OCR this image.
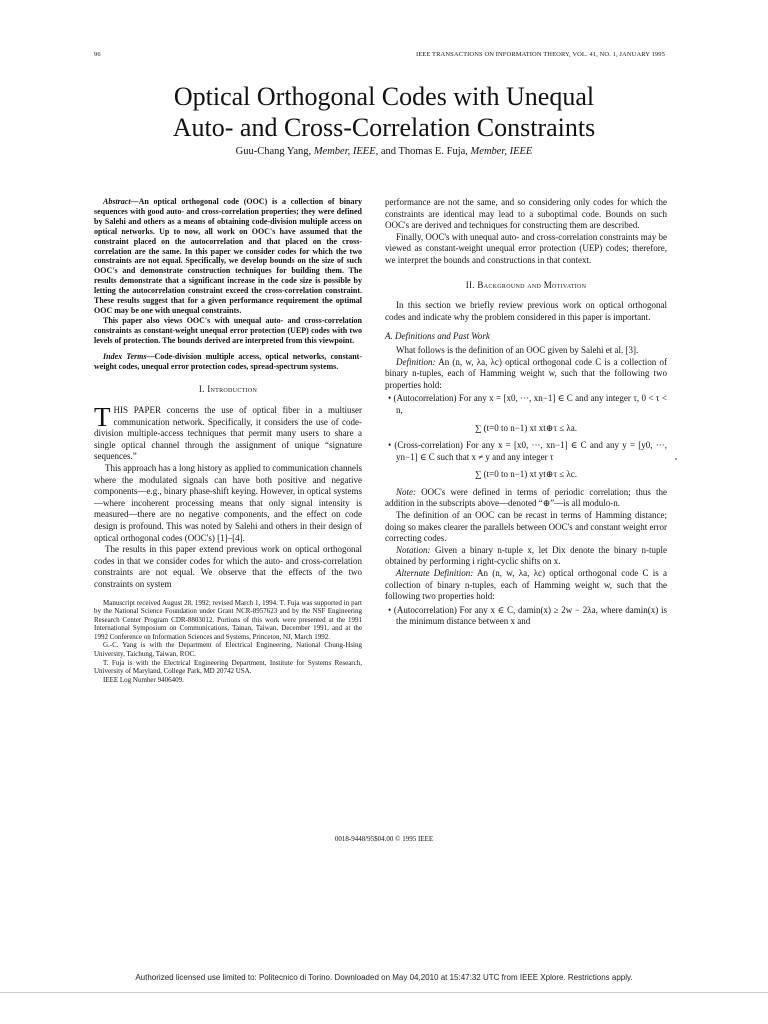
96	IEEE TRANSACTIONS ON INFORMATION THEORY, VOL. 41, NO. 1, JANUARY 1995
Optical Orthogonal Codes with Unequal
Auto- and Cross-Correlation Constraints
Guu-Chang Yang, Member, IEEE, and Thomas E. Fuja, Member, IEEE

Abstract—An optical orthogonal code (OOC) is a collection of binary sequences with good auto- and cross-correlation properties; they were defined by Salehi and others as a means of obtaining code-division multiple access on optical networks. Up to now, all work on OOC's have assumed that the constraint placed on the autocorrelation and that placed on the cross-correlation are the same. In this paper we consider codes for which the two constraints are not equal. Specifically, we develop bounds on the size of such OOC's and demonstrate construction techniques for building them. The results demonstrate that a significant increase in the code size is possible by letting the autocorrelation constraint exceed the cross-correlation constraint. These results suggest that for a given performance requirement the optimal OOC may be one with unequal constraints.

This paper also views OOC's with unequal auto- and cross-correlation constraints as constant-weight unequal error protection (UEP) codes with two levels of protection. The bounds derived are interpreted from this viewpoint.

Index Terms—Code-division multiple access, optical networks, constant-weight codes, unequal error protection codes, spread-spectrum systems.

I. Introduction

THIS PAPER concerns the use of optical fiber in a multiuser communication network. Specifically, it considers the use of code-division multiple-access techniques that permit many users to share a single optical channel through the assignment of unique “signature sequences.”

This approach has a long history as applied to communication channels where the modulated signals can have both positive and negative components—e.g., binary phase-shift keying. However, in optical systems—where incoherent processing means that only signal intensity is measured—there are no negative components, and the effect on code design is profound. This was noted by Salehi and others in their design of optical orthogonal codes (OOC's) [1]–[4].

The results in this paper extend previous work on optical orthogonal codes in that we consider codes for which the auto- and cross-correlation constraints are not equal. We observe that the effects of the two constraints on system

Manuscript received August 28, 1992; revised March 1, 1994. T. Fuja was supported in part by the National Science Foundation under Grant NCR-8957623 and by the NSF Engineering Research Center Program CDR-8803012. Portions of this work were presented at the 1991 International Symposium on Communications, Tainan, Taiwan, December 1991, and at the 1992 Conference on Information Sciences and Systems, Princeton, NJ, March 1992.

G.-C. Yang is with the Department of Electrical Engineering, National Chung-Hsing University, Taichung, Taiwan, ROC.

T. Fuja is with the Electrical Engineering Department, Institute for Systems Research, University of Maryland, College Park, MD 20742 USA.

IEEE Log Number 9406409.

performance are not the same, and so considering only codes for which the constraints are identical may lead to a suboptimal code. Bounds on such OOC's are derived and techniques for constructing them are described.

Finally, OOC's with unequal auto- and cross-correlation constraints may be viewed as constant-weight unequal error protection (UEP) codes; therefore, we interpret the bounds and constructions in that context.

II. Background and Motivation

In this section we briefly review previous work on optical orthogonal codes and indicate why the problem considered in this paper is important.

A. Definitions and Past Work

What follows is the definition of an OOC given by Salehi et al. [3].

Definition: An (n, w, λa, λc) optical orthogonal code C is a collection of binary n-tuples, each of Hamming weight w, such that the following two properties hold:

• (Autocorrelation) For any x = [x0, ···, xn−1] ∈ C and any integer τ, 0 < τ < n,

∑ (t=0 to n−1) xt xt⊕τ ≤ λa.

• (Cross-correlation) For any x = [x0, ···, xn−1] ∈ C and any y = [y0, ···, yn−1] ∈ C such that x ≠ y and any integer τ

∑ (t=0 to n−1) xt yt⊕τ ≤ λc.

Note: OOC's were defined in terms of periodic correlation; thus the addition in the subscripts above—denoted “⊕”—is all modulo-n.

The definition of an OOC can be recast in terms of Hamming distance; doing so makes clearer the parallels between OOC's and constant weight error correcting codes.

Notation: Given a binary n-tuple x, let Dix denote the binary n-tuple obtained by performing i right-cyclic shifts on x.

Alternate Definition: An (n, w, λa, λc) optical orthogonal code C is a collection of binary n-tuples, each of Hamming weight w, such that the following two properties hold:

• (Autocorrelation) For any x ∈ C, damin(x) ≥ 2w − 2λa, where damin(x) is the minimum distance between x and

0018-9448/95$04.00 © 1995 IEEE
Authorized licensed use limited to: Politecnico di Torino. Downloaded on May 04,2010 at 15:47:32 UTC from IEEE Xplore. Restrictions apply.
